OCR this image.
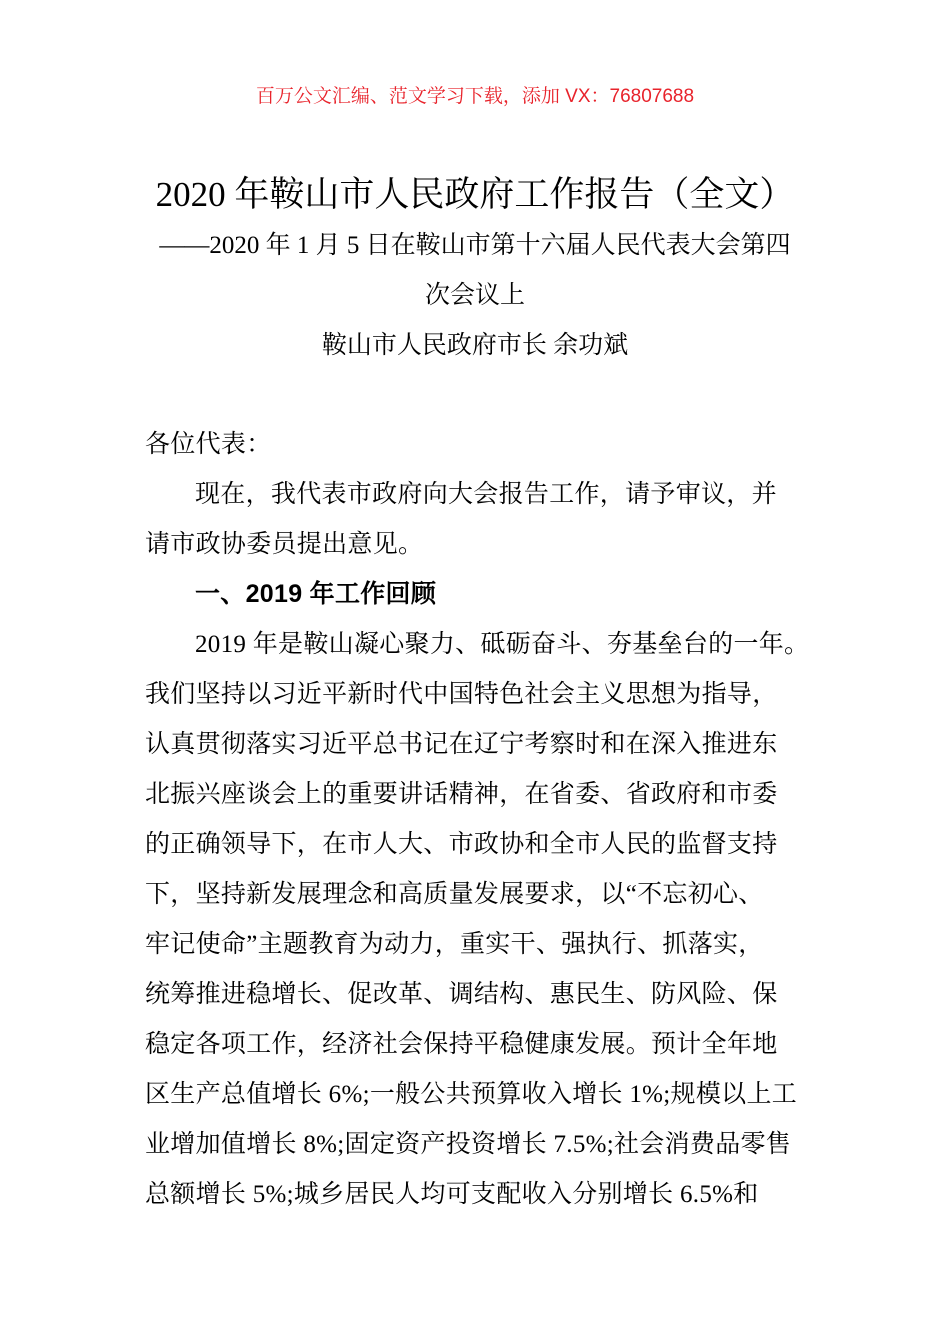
百万公文汇编、范文学习下载，添加 VX：76807688
2020 年鞍山市人民政府工作报告（全文）
——2020 年 1 月 5 日在鞍山市第十六届人民代表大会第四
次会议上
鞍山市人民政府市长 余功斌
各位代表：
现在，我代表市政府向大会报告工作，请予审议，并
请市政协委员提出意见。
一、2019 年工作回顾
2019 年是鞍山凝心聚力、砥砺奋斗、夯基垒台的一年。
我们坚持以习近平新时代中国特色社会主义思想为指导，
认真贯彻落实习近平总书记在辽宁考察时和在深入推进东
北振兴座谈会上的重要讲话精神，在省委、省政府和市委
的正确领导下，在市人大、市政协和全市人民的监督支持
下，坚持新发展理念和高质量发展要求，以“不忘初心、
牢记使命”主题教育为动力，重实干、强执行、抓落实，
统筹推进稳增长、促改革、调结构、惠民生、防风险、保
稳定各项工作，经济社会保持平稳健康发展。预计全年地
区生产总值增长 6%;一般公共预算收入增长 1%;规模以上工
业增加值增长 8%;固定资产投资增长 7.5%;社会消费品零售
总额增长 5%;城乡居民人均可支配收入分别增长 6.5%和
